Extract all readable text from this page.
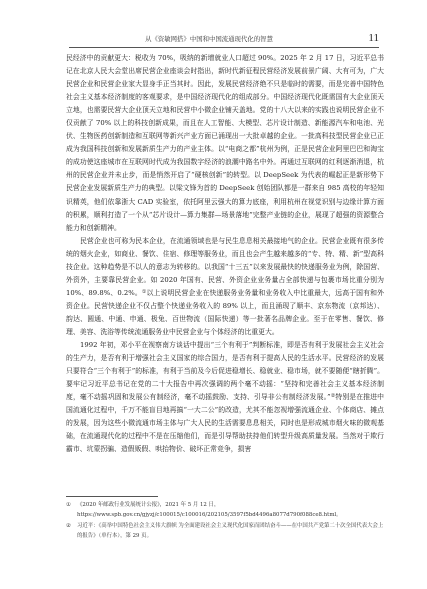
从《资敏网搭》中国和中国流通现代化的智慧	11

民经济中的贡献更大：税收为 70%，吸纳的新增就业人口超过 90%。2025 年 2 月 17 日，习近平总书记在北京人民大会堂出席民营企业座谈会时指出，新时代新征程民营经济发展前景广阔、大有可为，广大民营企业和民营企业家大显身手正当其时。因此，发展民营经济绝不只是临时的需要，而是完善中国特色社会主义基本经济制度的客观要求，是中国经济现代化的组成部分。中国经济现代化既需国有大企业顶天立地，也需要民营大企业顶天立地和民营中小微企业铺天盖地。党的十八大以来的实践也说明民营企业不仅贡献了 70% 以上的科技创新成果，而且在人工智能、大模型、芯片设计制造、新能源汽车和电池、光伏、生物医药创新制造和互联网等新兴产业方面已涌现出一大批卓越的企业。一批高科技型民营企业已正成为我国科技创新和发展新质生产力的产业主体。以“电商之都”杭州为例，正是民营企业阿里巴巴和淘宝的成功使这座城市在互联网时代成为我国数字经济的浪潮中路名中外。再通过互联网的红利逐渐消退，杭州的民营企业并未止步，而是悄然开启了“硬核创新”的转型。以 DeepSeek 为代表的崛起正是新形势下民营企业发展新质生产力的典型。以梁文锋为首的 DeepSeek 创始团队都是一群来自 985 高校的年轻知识精英，他们依靠浙大 CAD 实验室，依托阿里云强大的算力底座，利用杭州在视觉识别与边缘计算方面的积累，顺利打造了一个从“芯片设计—算力集群—场景落地”完整产业链的企业，展现了超强的资源整合能力和创新精神。

民营企业也可称为民本企业，在流通领域也是与民生息息相关最接地气的企业。民营企业既有很多传统的烟火企业，如商业、餐饮、住宿、修理等服务业，而且也会产生越来越多的“专、特、精、新”型高科技企业。这种趋势是不以人的意志为转移的。以我国“十三五”以来发展最快的快递服务业为例，除国营、外资外，主要靠民营企业。如 2020 年国有、民营、外资企业业务量占全部快递与包裹市场比重分别为 10%、89.8%、0.2%。①以上说明民营企业在快递服务业务量和业务收入中比重最大，远高于国有和外资企业。民营快递企业不仅占整个快递业务收入的 89% 以上，而且涌现了顺丰、京东物流（京邦达）、韵达、圆通、中通、申通、极兔、百世物流（国际快递）等一批著名品牌企业。至于在零售、餐饮、修理、美容、洗浴等传统流通服务业中民营企业与个体经济的比重更大。

1992 年初，邓小平在视察南方谈话中提出“三个有利于”判断标准，即是否有利于发展社会主义社会的生产力，是否有利于增强社会主义国家的综合国力，是否有利于提高人民的生活水平。民营经济的发展只要符合“三个有利于”的标准，有利于当前及今后促进稳增长、稳就业、稳市场，就不要随便“瞎折腾”。要牢记习近平总书记在党的二十大报告中再次强调的两个毫不动摇：“坚持和完善社会主义基本经济制度，毫不动摇巩固和发展公有制经济，毫不动摇鼓励、支持、引导非公有制经济发展。”②特别是在推进中国流通化过程中，千万不能盲目地再搞“一大二公”的改造，尤其不能忽视增强流通企业、个体商店、摊点的发展，因为这些小微流通市场主体与广大人民的生活需要息息相关，同时也是形成城市烟火味的微观基础，在流通现代化的过程中不是在压缩他们，而是引导帮助扶持他们转型升级高质量发展。当然对于欺行霸市、坑蒙拐骗、造假贩假、哄抬物价、破坏正常竞争，损害

① 《2020 年邮政行业发展统计公报》，2021 年 5 月 12 日，https://www.spb.gov.cn/gjyzj/c100015/c100016/202105/3597f5bd4496a8077d790f088ce8.html。
② 习近平：《高举中国特色社会主义伟大旗帜 为全面建设社会主义现代化国家而团结奋斗——在中国共产党第二十次全国代表大会上的报告》（单行本），第 29 页。
